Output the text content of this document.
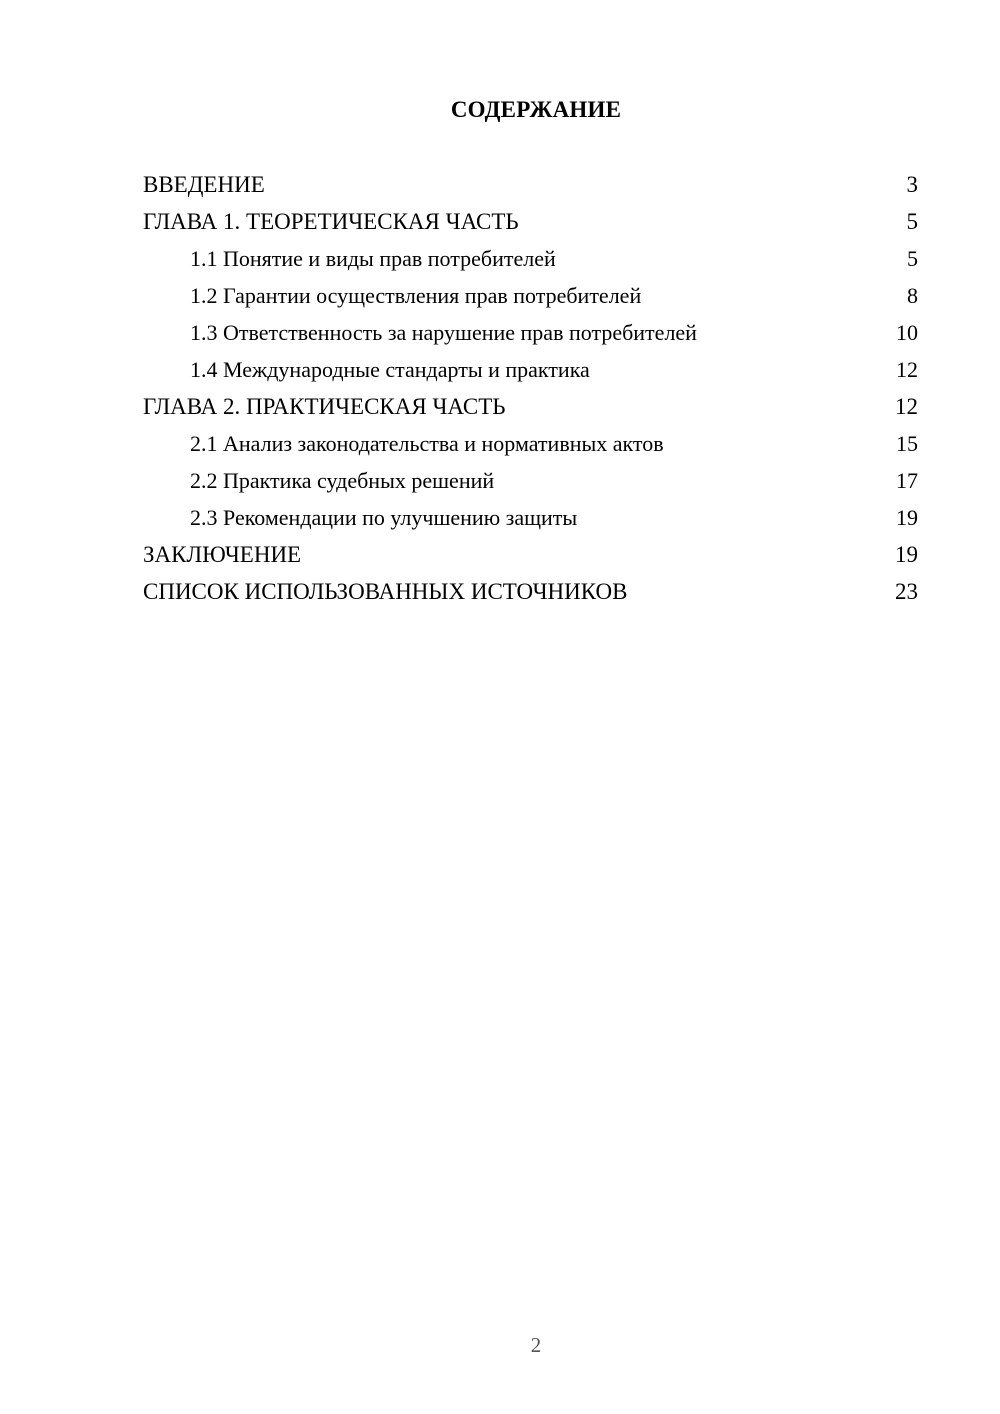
СОДЕРЖАНИЕ
ВВЕДЕНИЕ	3
ГЛАВА 1. ТЕОРЕТИЧЕСКАЯ ЧАСТЬ	5
1.1 Понятие и виды прав потребителей	5
1.2 Гарантии осуществления прав потребителей	8
1.3 Ответственность за нарушение прав потребителей	10
1.4 Международные стандарты и практика	12
ГЛАВА 2. ПРАКТИЧЕСКАЯ ЧАСТЬ	12
2.1 Анализ законодательства и нормативных актов	15
2.2 Практика судебных решений	17
2.3 Рекомендации по улучшению защиты	19
ЗАКЛЮЧЕНИЕ	19
СПИСОК ИСПОЛЬЗОВАННЫХ ИСТОЧНИКОВ	23
2
